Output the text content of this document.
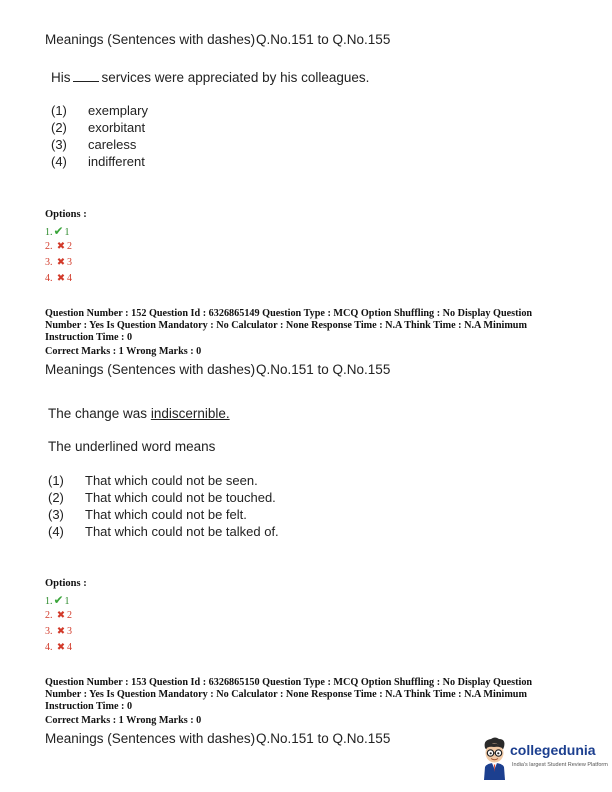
Meanings (Sentences with dashes) Q.No.151 to Q.No.155
His services were appreciated by his colleagues.
(1) exemplary
(2) exorbitant
(3) careless
(4) indifferent
Options :
1.✔1
2. ✖ 2
3. ✖ 3
4. ✖ 4
Question Number : 152 Question Id : 6326865149 Question Type : MCQ Option Shuffling : No Display Question Number : Yes Is Question Mandatory : No Calculator : None Response Time : N.A Think Time : N.A Minimum Instruction Time : 0
Correct Marks : 1 Wrong Marks : 0
Meanings (Sentences with dashes) Q.No.151 to Q.No.155
The change was indiscernible.
The underlined word means
(1) That which could not be seen.
(2) That which could not be touched.
(3) That which could not be felt.
(4) That which could not be talked of.
Options :
1.✔1
2. ✖ 2
3. ✖ 3
4. ✖ 4
Question Number : 153 Question Id : 6326865150 Question Type : MCQ Option Shuffling : No Display Question Number : Yes Is Question Mandatory : No Calculator : None Response Time : N.A Think Time : N.A Minimum Instruction Time : 0
Correct Marks : 1 Wrong Marks : 0
Meanings (Sentences with dashes) Q.No.151 to Q.No.155
collegedunia
India's largest Student Review Platform
